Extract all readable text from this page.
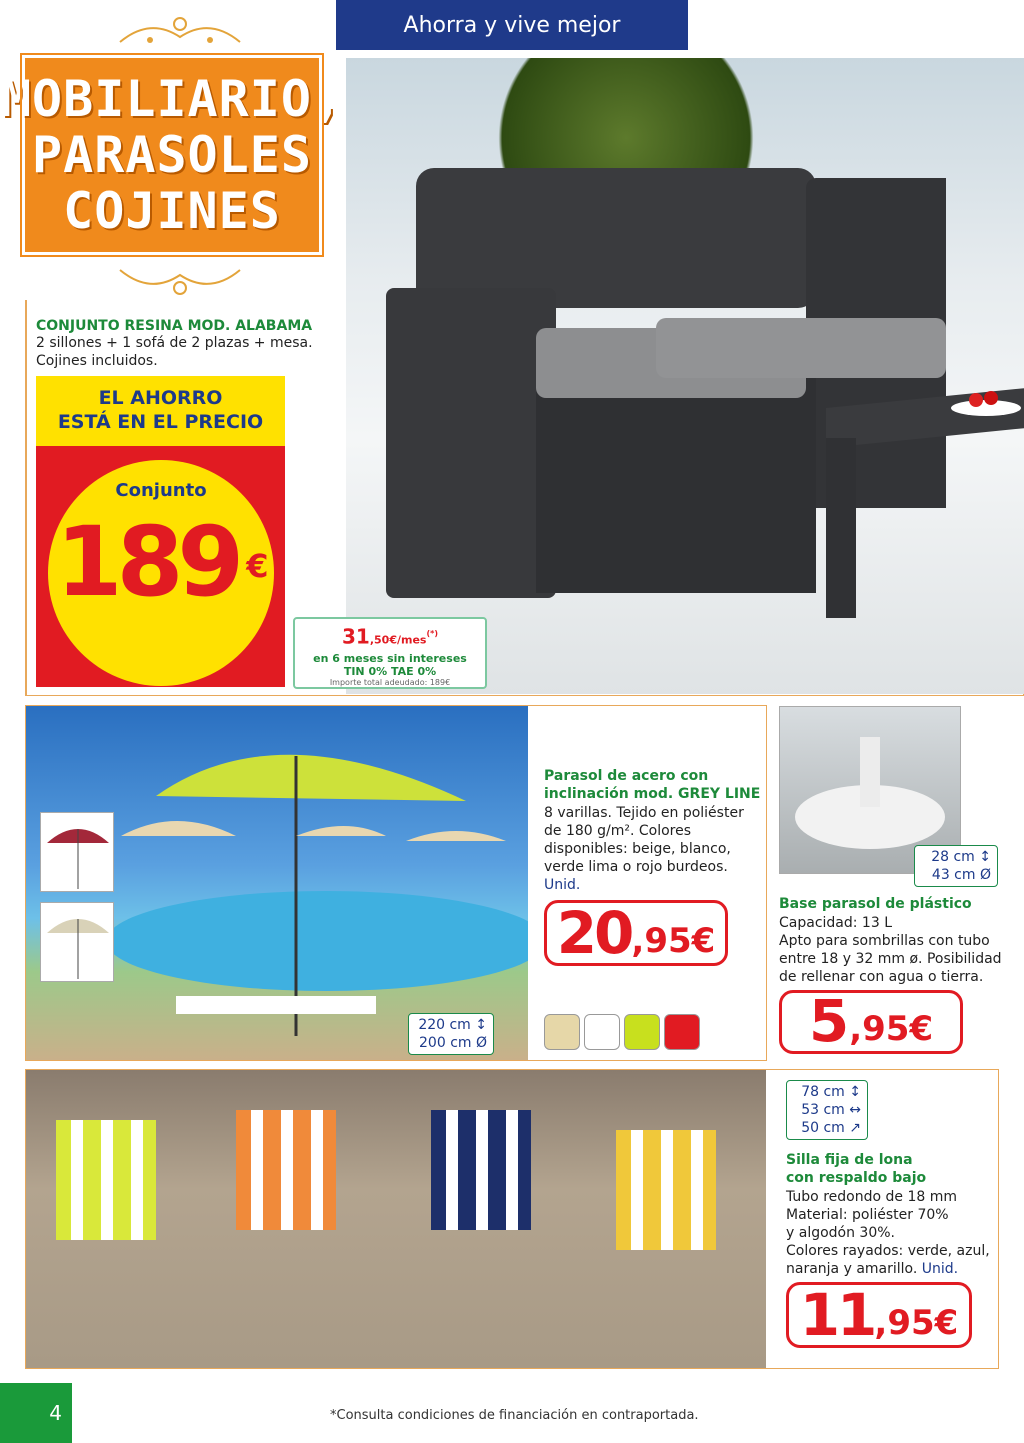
Ahorra y vive mejor
MOBILIARIO,
PARASOLES
COJINES
CONJUNTO RESINA MOD. ALABAMA
2 sillones + 1 sofá de 2 plazas + mesa.
Cojines incluidos.
EL AHORRO
ESTÁ EN EL PRECIO
Conjunto
189 €
31,50€/mes(*)
en 6 meses sin intereses
TIN 0% TAE 0%
Importe total adeudado: 189€
220 cm ↕
200 cm Ø
Parasol de acero con
inclinación mod. GREY LINE
8 varillas. Tejido en poliéster
de 180 g/m². Colores
disponibles: beige, blanco,
verde lima o rojo burdeos.
Unid.
20 ,95€
28 cm ↕
43 cm Ø
Base parasol de plástico
Capacidad: 13 L
Apto para sombrillas con tubo
entre 18 y 32 mm ø. Posibilidad
de rellenar con agua o tierra.
5 ,95€
78 cm ↕
53 cm ↔
50 cm ↗
Silla fija de lona
con respaldo bajo
Tubo redondo de 18 mm
Material: poliéster 70%
y algodón 30%.
Colores rayados: verde, azul,
naranja y amarillo. Unid.
11 ,95€
4	*Consulta condiciones de financiación en contraportada.
